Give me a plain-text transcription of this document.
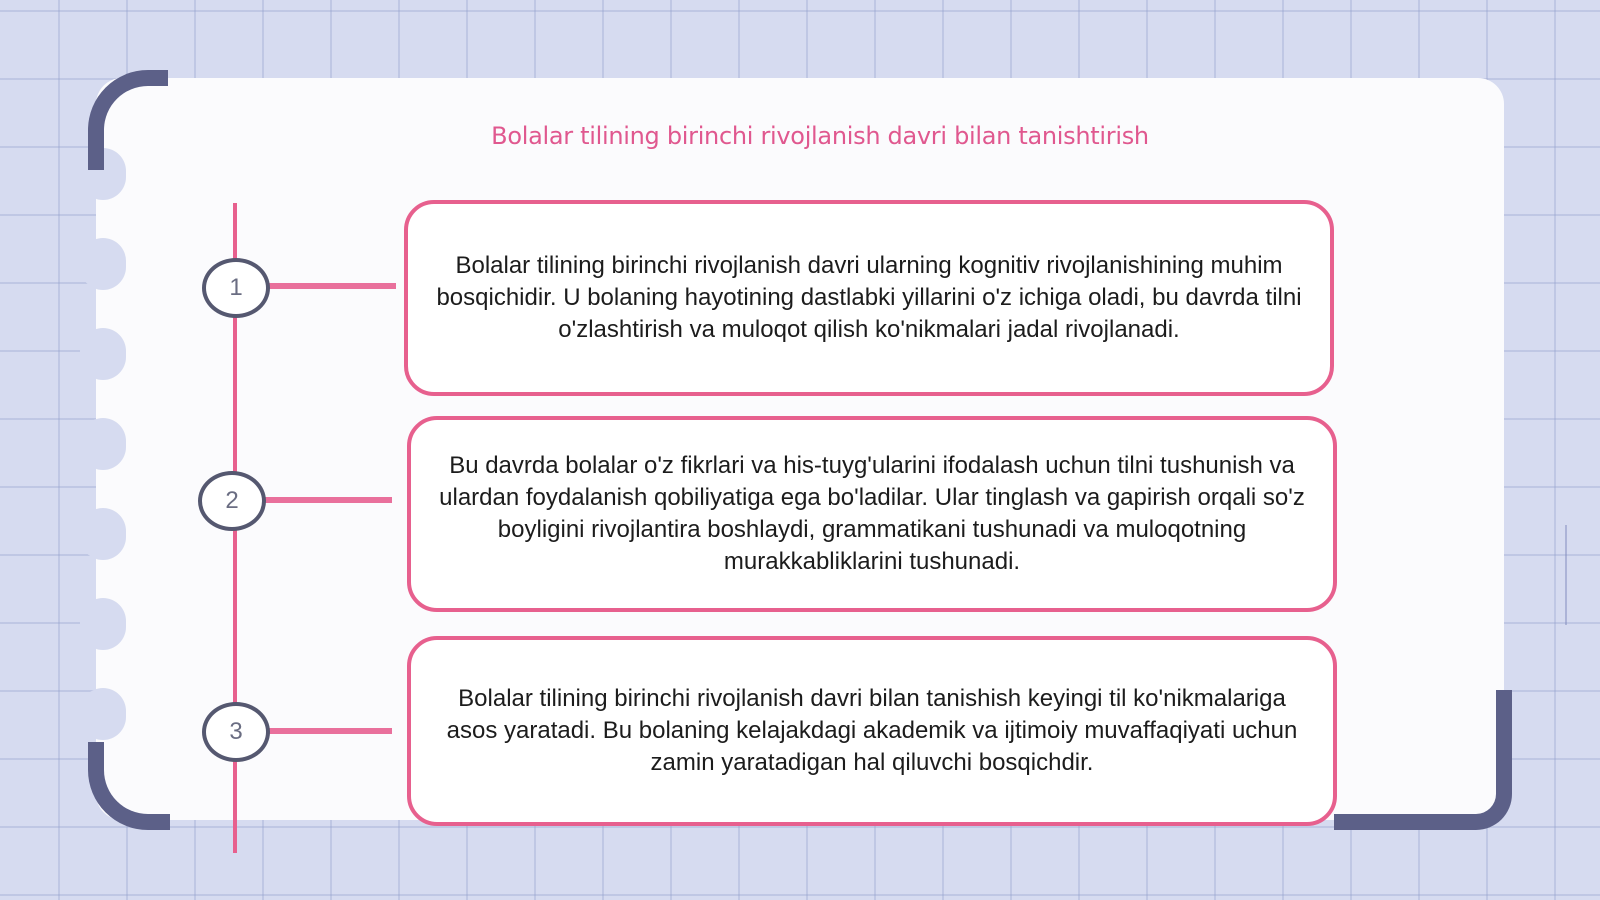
Bolalar tilining birinchi rivojlanish davri bilan tanishtirish
1

Bolalar tilining birinchi rivojlanish davri ularning kognitiv rivojlanishining muhim bosqichidir. U bolaning hayotining dastlabki yillarini o'z ichiga oladi, bu davrda tilni o'zlashtirish va muloqot qilish ko'nikmalari jadal rivojlanadi.

2

Bu davrda bolalar o'z fikrlari va his-tuyg'ularini ifodalash uchun tilni tushunish va ulardan foydalanish qobiliyatiga ega bo'ladilar. Ular tinglash va gapirish orqali so'z boyligini rivojlantira boshlaydi, grammatikani tushunadi va muloqotning murakkabliklarini tushunadi.

3

Bolalar tilining birinchi rivojlanish davri bilan tanishish keyingi til ko'nikmalariga asos yaratadi. Bu bolaning kelajakdagi akademik va ijtimoiy muvaffaqiyati uchun zamin yaratadigan hal qiluvchi bosqichdir.
